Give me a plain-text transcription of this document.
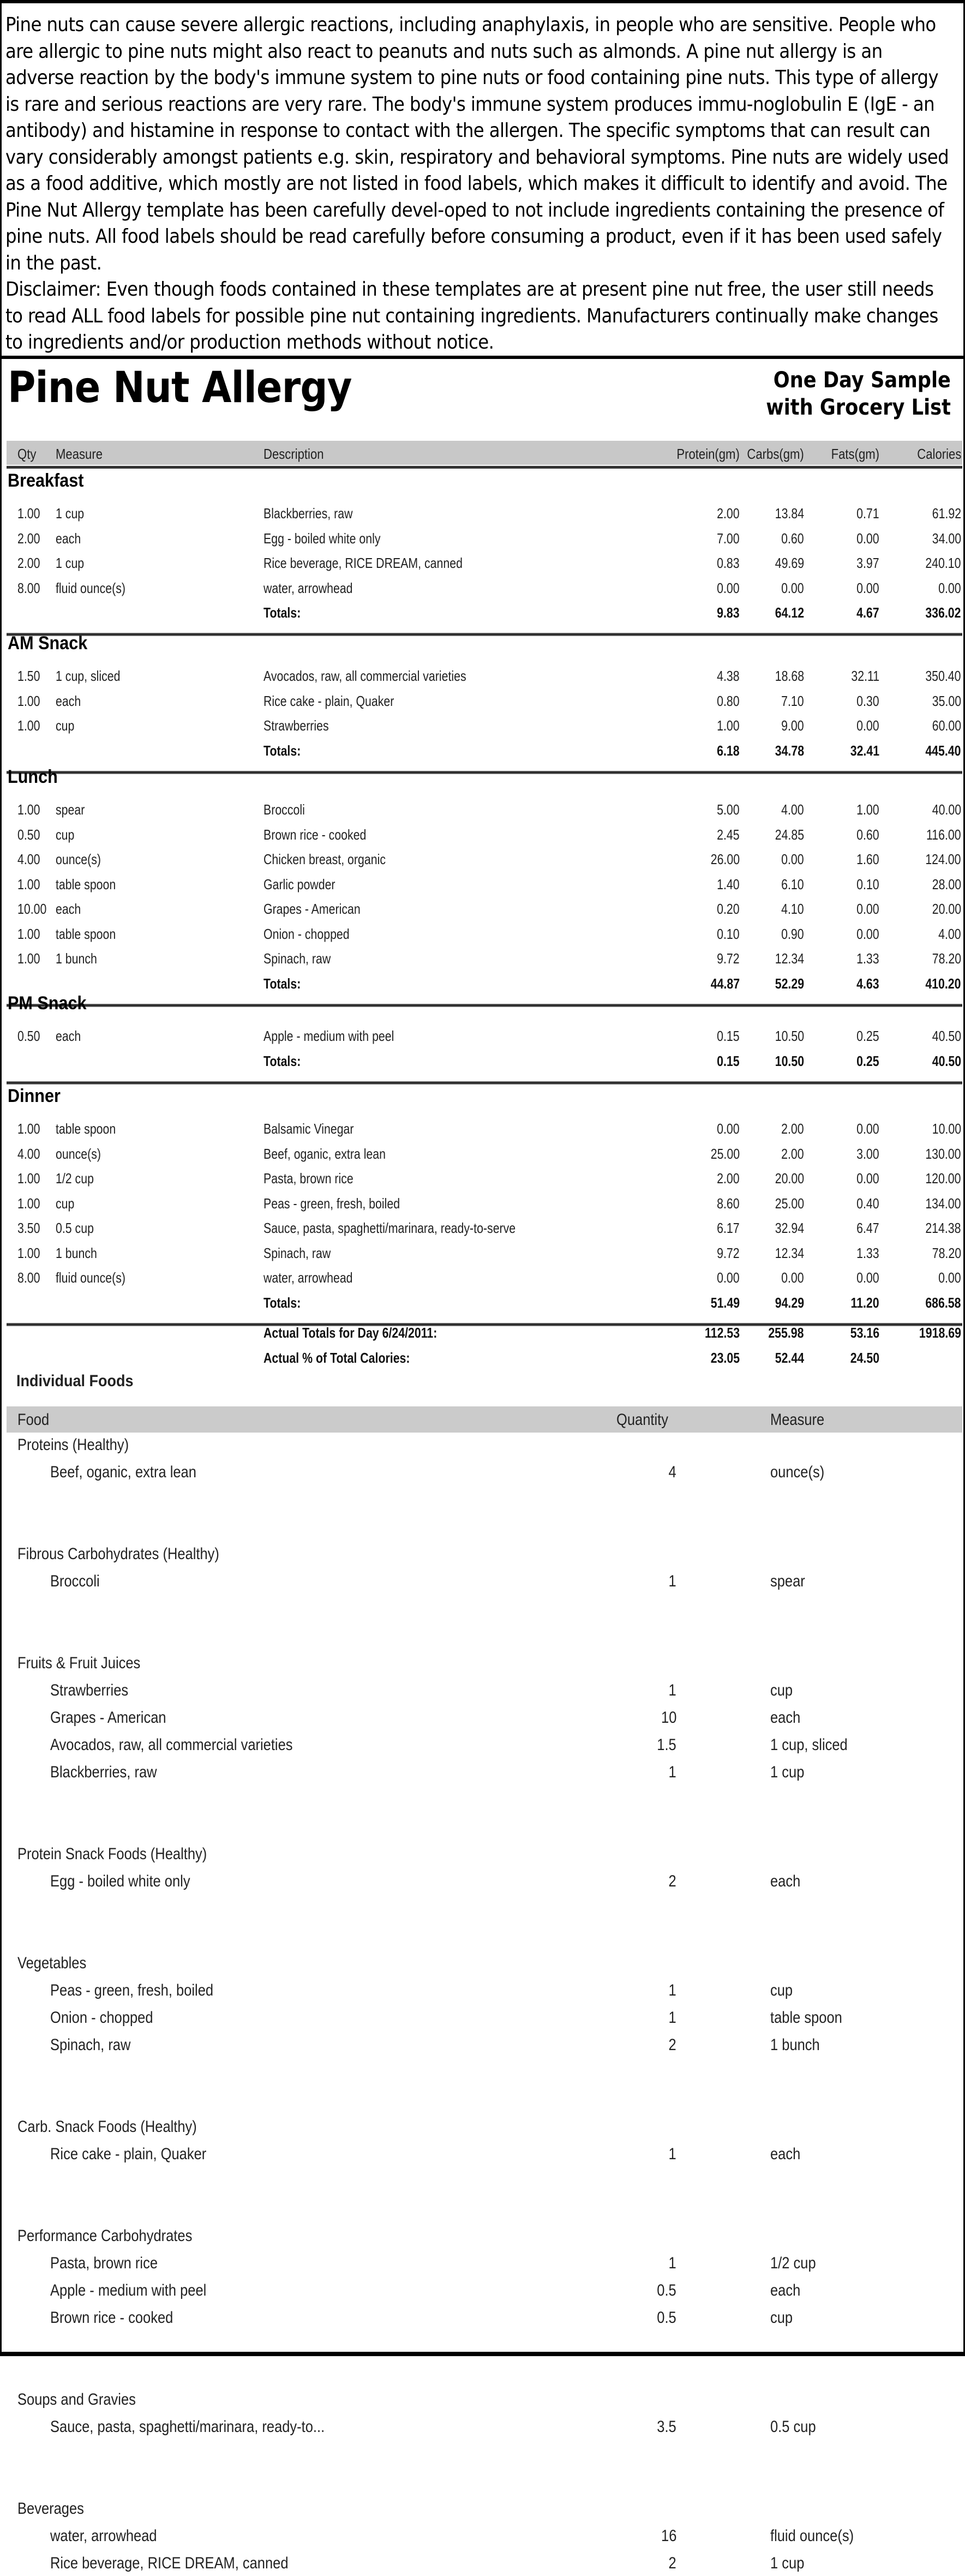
Pine nuts can cause severe allergic reactions, including anaphylaxis, in people who are sensitive. People who are allergic to pine nuts might also react to peanuts and nuts such as almonds. A pine nut allergy is an adverse reaction by the body's immune system to pine nuts or food containing pine nuts. This type of allergy is rare and serious reactions are very rare. The body's immune system produces immu-noglobulin E (IgE - an antibody) and histamine in response to contact with the allergen. The specific symptoms that can result can vary considerably amongst patients e.g. skin, respiratory and behavioral symptoms. Pine nuts are widely used as a food additive, which mostly are not listed in food labels, which makes it difficult to identify and avoid. The Pine Nut Allergy template has been carefully devel-oped to not include ingredients containing the presence of pine nuts. All food labels should be read carefully before consuming a product, even if it has been used safely in the past.

Disclaimer: Even though foods contained in these templates are at present pine nut free, the user still needs to read ALL food labels for possible pine nut containing ingredients. Manufacturers continually make changes to ingredients and/or production methods without notice.

Pine Nut Allergy	One Day Sample
with Grocery List
Qty Measure	Description	Protein(gm) Carbs(gm) Fats(gm)	Calories
Breakfast
1.00 1 cup	Blackberries, raw	2.00 13.84	0.71	61.92
2.00 each	Egg - boiled white only	7.00	0.60	0.00	34.00
2.00 1 cup	Rice beverage, RICE DREAM, canned	0.83 49.69	3.97	240.10
8.00 fluid ounce(s)	water, arrowhead	0.00	0.00	0.00	0.00
Totals:	9.83 64.12	4.67	336.02
AM Snack
1.50 1 cup, sliced	Avocados, raw, all commercial varieties	4.38 18.68	32.11	350.40
1.00 each	Rice cake - plain, Quaker	0.80	7.10	0.30	35.00
1.00 cup	Strawberries	1.00	9.00	0.00	60.00
Totals:	6.18 34.78	32.41	445.40
Lunch
1.00 spear	Broccoli	5.00	4.00	1.00	40.00
0.50 cup	Brown rice - cooked	2.45 24.85	0.60	116.00
4.00 ounce(s)	Chicken breast, organic	26.00	0.00	1.60	124.00
1.00 table spoon	Garlic powder	1.40	6.10	0.10	28.00
10.00 each	Grapes - American	0.20	4.10	0.00	20.00
1.00 table spoon	Onion - chopped	0.10	0.90	0.00	4.00
1.00 1 bunch	Spinach, raw	9.72 12.34	1.33	78.20
Totals:	44.87 52.29	4.63	410.20
PM Snack
0.50 each	Apple - medium with peel	0.15 10.50	0.25	40.50
Totals:	0.15 10.50	0.25	40.50
Dinner
1.00 table spoon	Balsamic Vinegar	0.00	2.00	0.00	10.00
4.00 ounce(s)	Beef, oganic, extra lean	25.00	2.00	3.00	130.00
1.00 1/2 cup	Pasta, brown rice	2.00 20.00	0.00	120.00
1.00 cup	Peas - green, fresh, boiled	8.60 25.00	0.40	134.00
3.50 0.5 cup	Sauce, pasta, spaghetti/marinara, ready-to-serve	6.17 32.94	6.47	214.38
1.00 1 bunch	Spinach, raw	9.72 12.34	1.33	78.20
8.00 fluid ounce(s)	water, arrowhead	0.00	0.00	0.00	0.00
Totals:	51.49 94.29	11.20	686.58
Actual Totals for Day 6/24/2011:	112.53 255.98	53.16	1918.69
Actual % of Total Calories:	23.05 52.44	24.50
Individual Foods
Food	Quantity	Measure
Proteins (Healthy)
Beef, oganic, extra lean	4	ounce(s)
Fibrous Carbohydrates (Healthy)
Broccoli	1	spear
Fruits & Fruit Juices
Strawberries	1	cup
Grapes - American	10	each
Avocados, raw, all commercial varieties	1.5	1 cup, sliced
Blackberries, raw	1	1 cup
Protein Snack Foods (Healthy)
Egg - boiled white only	2	each
Vegetables
Peas - green, fresh, boiled	1	cup
Onion - chopped	1	table spoon
Spinach, raw	2	1 bunch
Carb. Snack Foods (Healthy)
Rice cake - plain, Quaker	1	each
Performance Carbohydrates
Pasta, brown rice	1	1/2 cup
Apple - medium with peel	0.5	each
Brown rice - cooked	0.5	cup
Soups and Gravies
Sauce, pasta, spaghetti/marinara, ready-to...	3.5	0.5 cup
Beverages
water, arrowhead	16	fluid ounce(s)
Rice beverage, RICE DREAM, canned	2	1 cup
